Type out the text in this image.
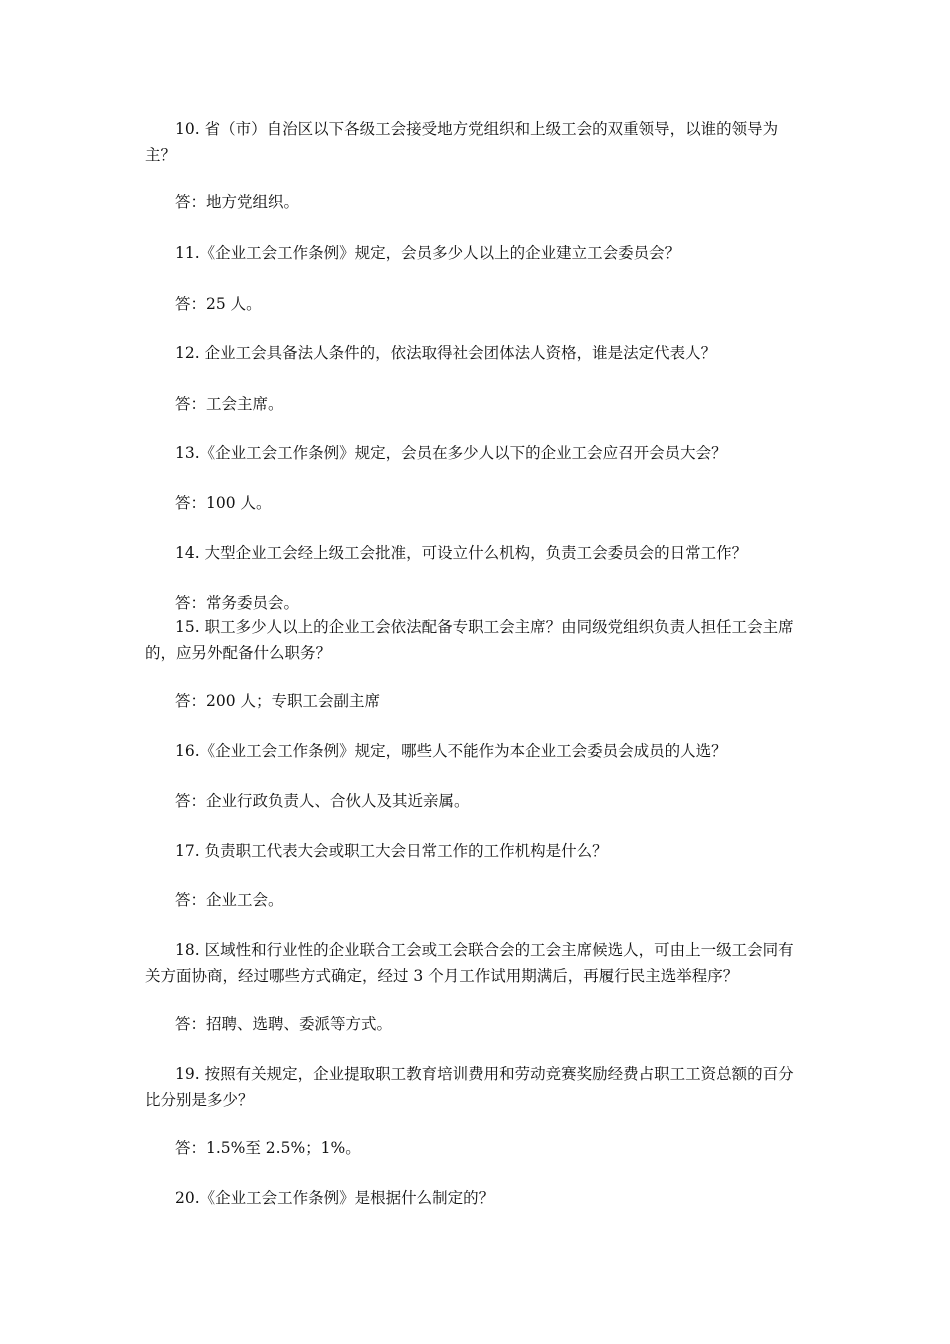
10. 省（市）自治区以下各级工会接受地方党组织和上级工会的双重领导，以谁的领导为主？

答：地方党组织。

11.《企业工会工作条例》规定，会员多少人以上的企业建立工会委员会？

答：25 人。

12. 企业工会具备法人条件的，依法取得社会团体法人资格，谁是法定代表人？

答：工会主席。

13.《企业工会工作条例》规定，会员在多少人以下的企业工会应召开会员大会？

答：100 人。

14. 大型企业工会经上级工会批准，可设立什么机构，负责工会委员会的日常工作？

答：常务委员会。

15. 职工多少人以上的企业工会依法配备专职工会主席？由同级党组织负责人担任工会主席的，应另外配备什么职务？

答：200 人；专职工会副主席

16.《企业工会工作条例》规定，哪些人不能作为本企业工会委员会成员的人选？

答：企业行政负责人、合伙人及其近亲属。

17. 负责职工代表大会或职工大会日常工作的工作机构是什么？

答：企业工会。

18. 区域性和行业性的企业联合工会或工会联合会的工会主席候选人，可由上一级工会同有关方面协商，经过哪些方式确定，经过 3 个月工作试用期满后，再履行民主选举程序？

答：招聘、选聘、委派等方式。

19. 按照有关规定，企业提取职工教育培训费用和劳动竞赛奖励经费占职工工资总额的百分比分别是多少？

答：1.5%至 2.5%；1%。

20.《企业工会工作条例》是根据什么制定的？
